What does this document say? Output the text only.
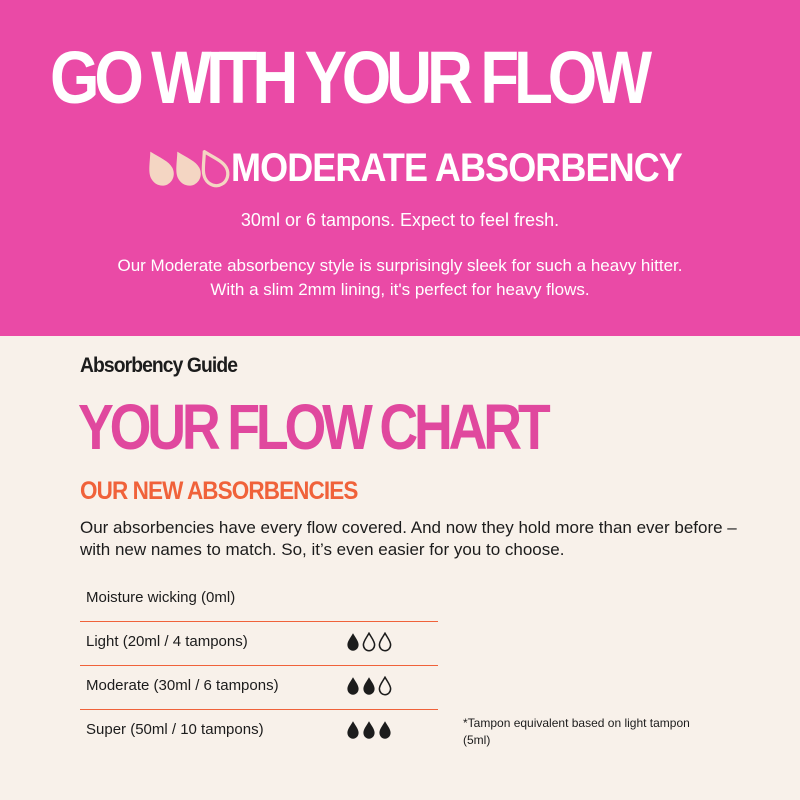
GO WITH YOUR FLOW
MODERATE ABSORBENCY
30ml or 6 tampons. Expect to feel fresh.
Our Moderate absorbency style is surprisingly sleek for such a heavy hitter. With a slim 2mm lining, it's perfect for heavy flows.
Absorbency Guide
YOUR FLOW CHART
OUR NEW ABSORBENCIES
Our absorbencies have every flow covered. And now they hold more than ever before – with new names to match. So, it’s even easier for you to choose.
Moisture wicking (0ml)
Light (20ml / 4 tampons)
Moderate (30ml / 6 tampons)
Super (50ml / 10 tampons)	*Tampon equivalent based on light tampon (5ml)
